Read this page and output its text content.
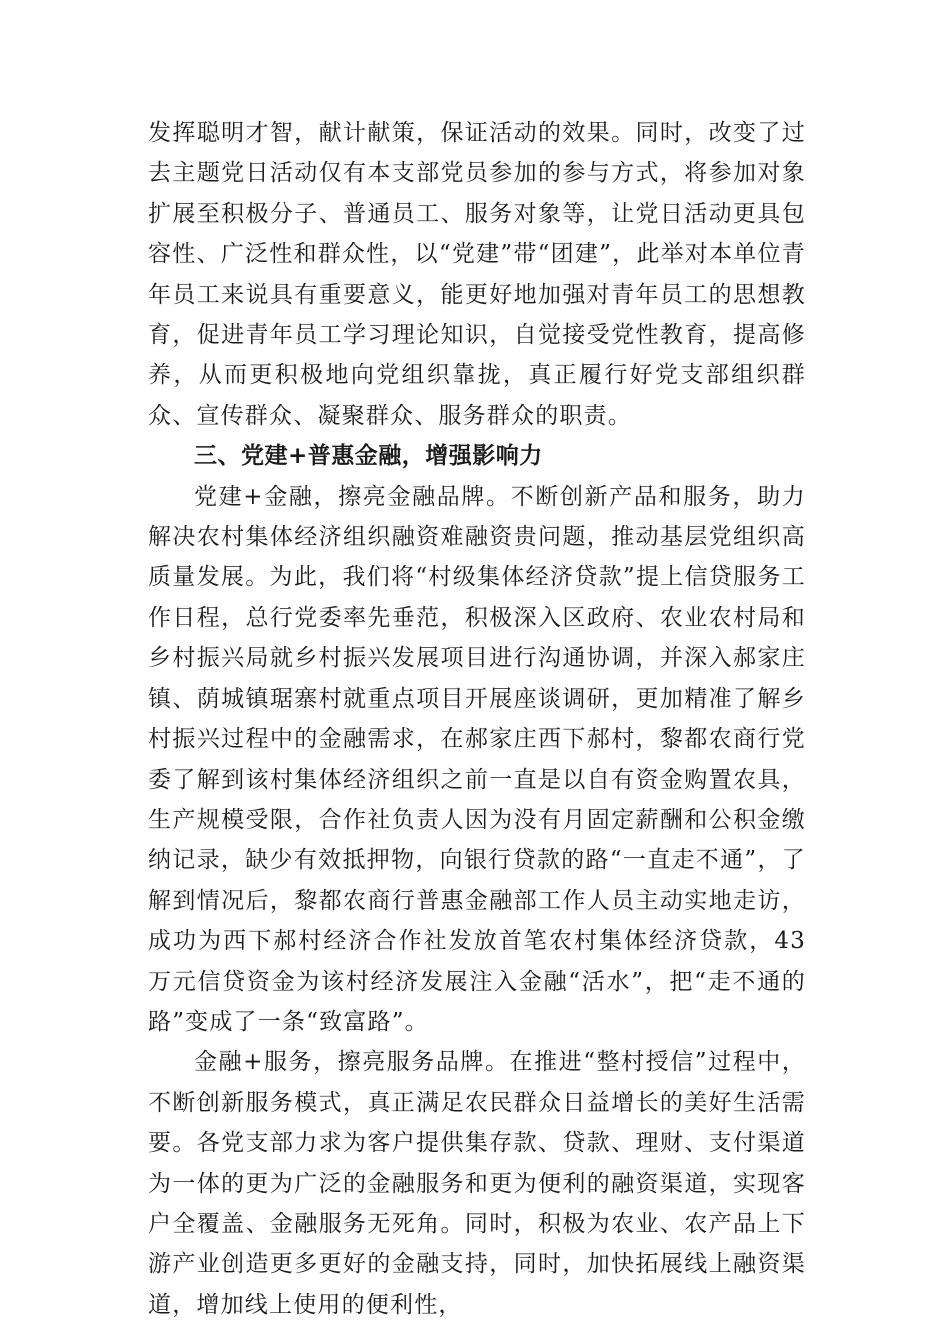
发挥聪明才智，献计献策，保证活动的效果。同时，改变了过去主题党日活动仅有本支部党员参加的参与方式，将参加对象扩展至积极分子、普通员工、服务对象等，让党日活动更具包容性、广泛性和群众性，以“党建”带“团建”，此举对本单位青年员工来说具有重要意义，能更好地加强对青年员工的思想教育，促进青年员工学习理论知识，自觉接受党性教育，提高修养，从而更积极地向党组织靠拢，真正履行好党支部组织群众、宣传群众、凝聚群众、服务群众的职责。

三、党建+普惠金融，增强影响力

党建+金融，擦亮金融品牌。不断创新产品和服务，助力解决农村集体经济组织融资难融资贵问题，推动基层党组织高质量发展。为此，我们将“村级集体经济贷款”提上信贷服务工作日程，总行党委率先垂范，积极深入区政府、农业农村局和乡村振兴局就乡村振兴发展项目进行沟通协调，并深入郝家庄镇、荫城镇琚寨村就重点项目开展座谈调研，更加精准了解乡村振兴过程中的金融需求，在郝家庄西下郝村，黎都农商行党委了解到该村集体经济组织之前一直是以自有资金购置农具，生产规模受限，合作社负责人因为没有月固定薪酬和公积金缴纳记录，缺少有效抵押物，向银行贷款的路“一直走不通”，了解到情况后，黎都农商行普惠金融部工作人员主动实地走访，成功为西下郝村经济合作社发放首笔农村集体经济贷款，43万元信贷资金为该村经济发展注入金融“活水”，把“走不通的路”变成了一条“致富路”。

金融+服务，擦亮服务品牌。在推进“整村授信”过程中，不断创新服务模式，真正满足农民群众日益增长的美好生活需要。各党支部力求为客户提供集存款、贷款、理财、支付渠道为一体的更为广泛的金融服务和更为便利的融资渠道，实现客户全覆盖、金融服务无死角。同时，积极为农业、农产品上下游产业创造更多更好的金融支持，同时，加快拓展线上融资渠道，增加线上使用的便利性，
